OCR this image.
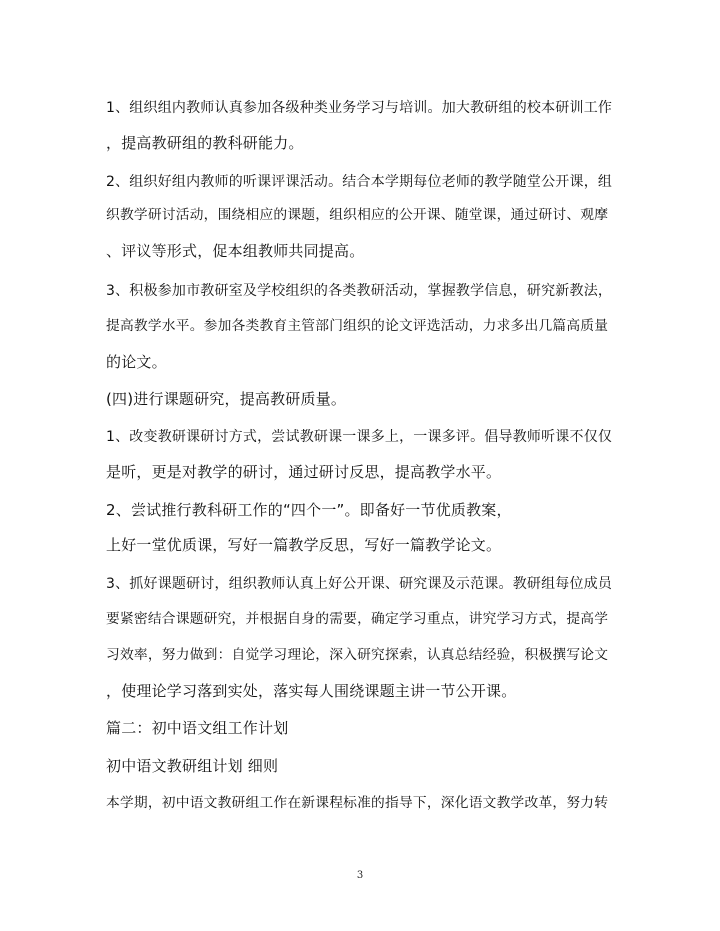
1、组织组内教师认真参加各级种类业务学习与培训。加大教研组的校本研训工作
，提高教研组的教科研能力。
2、组织好组内教师的听课评课活动。结合本学期每位老师的教学随堂公开课，组
织教学研讨活动，围绕相应的课题，组织相应的公开课、随堂课，通过研讨、观摩
、评议等形式，促本组教师共同提高。
3、积极参加市教研室及学校组织的各类教研活动，掌握教学信息，研究新教法，
提高教学水平。参加各类教育主管部门组织的论文评选活动，力求多出几篇高质量
的论文。
(四)进行课题研究，提高教研质量。
1、改变教研课研讨方式，尝试教研课一课多上，一课多评。倡导教师听课不仅仅
是听，更是对教学的研讨，通过研讨反思，提高教学水平。
2、尝试推行教科研工作的“四个一”。即备好一节优质教案，
上好一堂优质课，写好一篇教学反思，写好一篇教学论文。
3、抓好课题研讨，组织教师认真上好公开课、研究课及示范课。教研组每位成员
要紧密结合课题研究，并根据自身的需要，确定学习重点，讲究学习方式，提高学
习效率，努力做到：自觉学习理论，深入研究探索，认真总结经验，积极撰写论文
，使理论学习落到实处，落实每人围绕课题主讲一节公开课。
篇二：初中语文组工作计划
初中语文教研组计划 细则
本学期，初中语文教研组工作在新课程标准的指导下，深化语文教学改革，努力转
3
